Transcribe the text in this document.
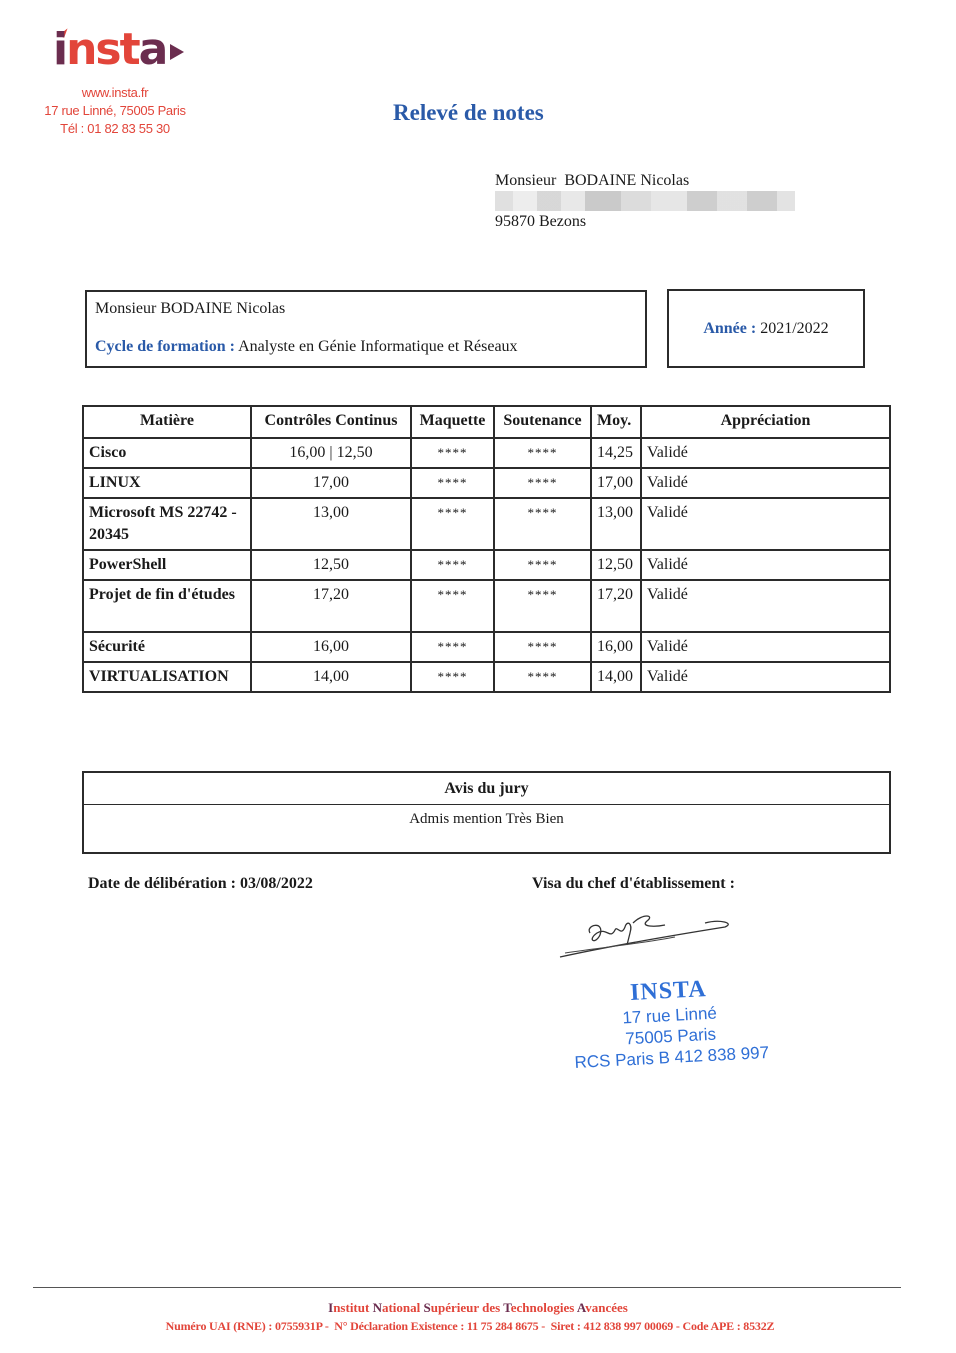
insta
www.insta.fr
17 rue Linné, 75005 Paris
Tél : 01 82 83 55 30
Relevé de notes
Monsieur  BODAINE Nicolas
95870 Bezons
Monsieur BODAINE Nicolas
Cycle de formation : Analyste en Génie Informatique et Réseaux
Année : 2021/2022
Matière	Contrôles Continus	Maquette	Soutenance	Moy.	Appréciation
Cisco	16,00 | 12,50	****	****	14,25	Validé
LINUX	17,00	****	****	17,00	Validé
Microsoft MS 22742 - 20345	13,00	****	****	13,00	Validé
PowerShell	12,50	****	****	12,50	Validé
Projet de fin d'études	17,20	****	****	17,20	Validé
Sécurité	16,00	****	****	16,00	Validé
VIRTUALISATION	14,00	****	****	14,00	Validé
Avis du jury
Admis mention Très Bien
Date de délibération : 03/08/2022	Visa du chef d'établissement :
INSTA
17 rue Linné
75005 Paris
RCS Paris B 412 838 997
Institut National Supérieur des Technologies Avancées
Numéro UAI (RNE) : 0755931P -  N° Déclaration Existence : 11 75 284 8675 -  Siret : 412 838 997 00069 - Code APE : 8532Z
